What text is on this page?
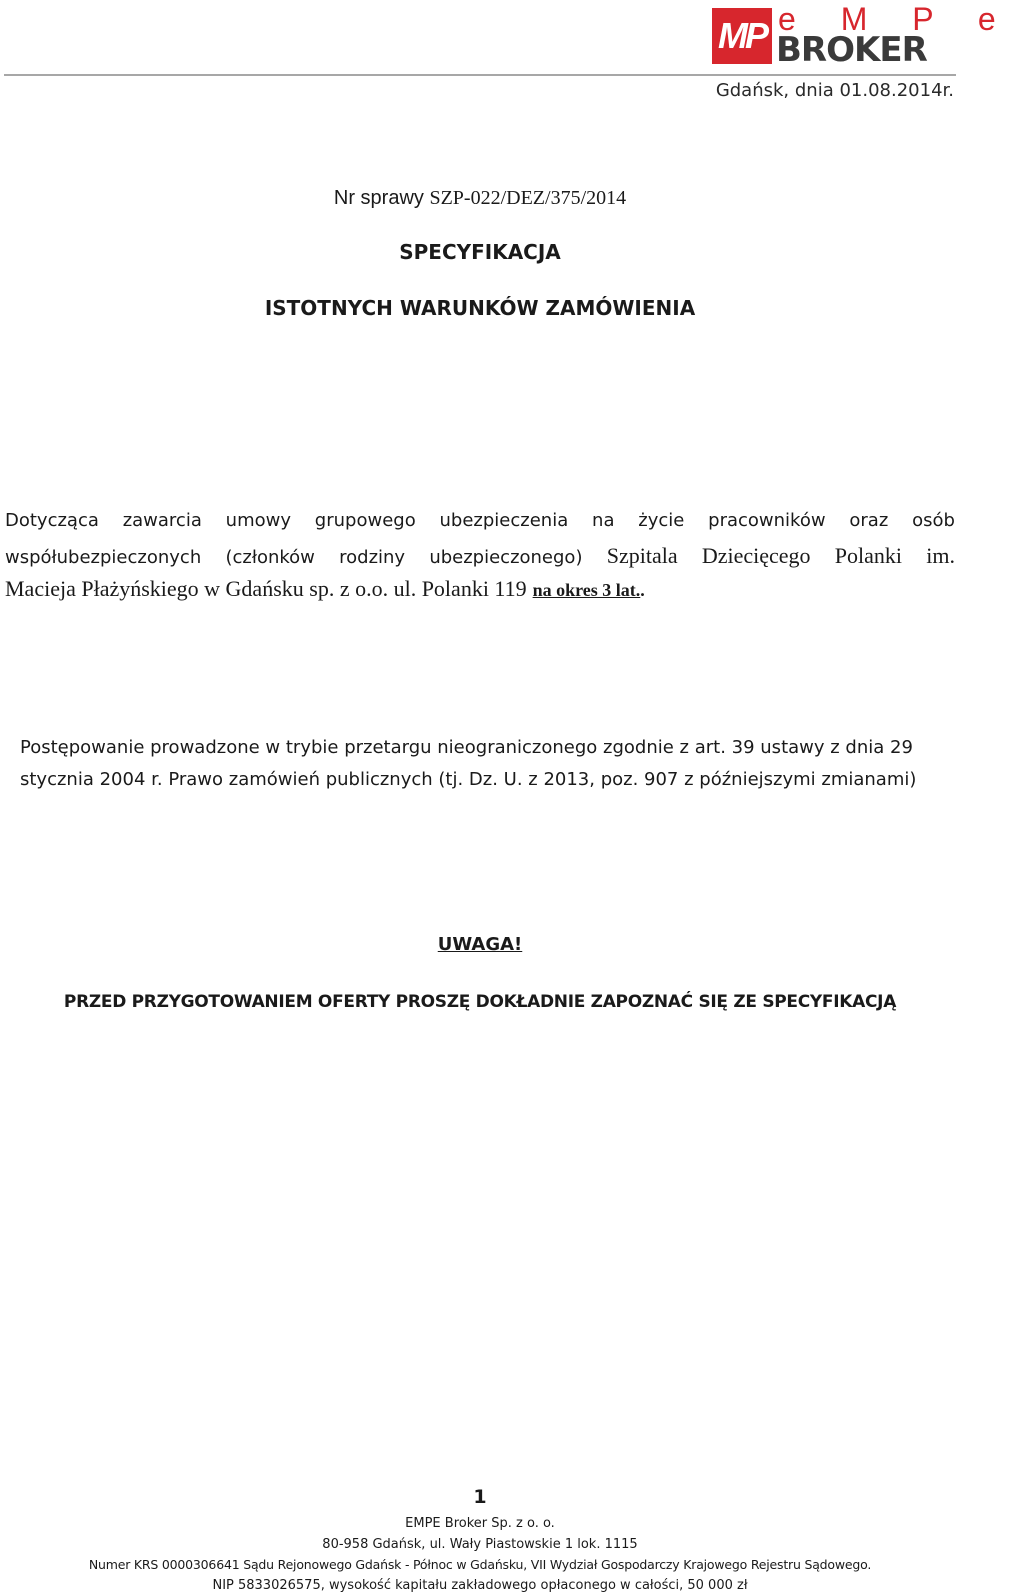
MP e M P e
BROKER
Gdańsk, dnia 01.08.2014r.
Nr sprawy SZP-022/DEZ/375/2014
SPECYFIKACJA
ISTOTNYCH WARUNKÓW ZAMÓWIENIA
Dotycząca zawarcia umowy grupowego ubezpieczenia na życie pracowników oraz osób
współubezpieczonych (członków rodziny ubezpieczonego) Szpitala Dziecięcego Polanki im.
Macieja Płażyńskiego w Gdańsku sp. z o.o. ul. Polanki 119 na okres 3 lat. .
Postępowanie prowadzone w trybie przetargu nieograniczonego zgodnie z art. 39 ustawy z dnia 29
stycznia 2004 r. Prawo zamówień publicznych (tj. Dz. U. z 2013, poz. 907 z późniejszymi zmianami)
UWAGA!
PRZED PRZYGOTOWANIEM OFERTY PROSZĘ DOKŁADNIE ZAPOZNAĆ SIĘ ZE SPECYFIKACJĄ
1
EMPE Broker Sp. z o. o.
80-958 Gdańsk, ul. Wały Piastowskie 1 lok. 1115
Numer KRS 0000306641 Sądu Rejonowego Gdańsk - Północ w Gdańsku, VII Wydział Gospodarczy Krajowego Rejestru Sądowego.
NIP 5833026575, wysokość kapitału zakładowego opłaconego w całości, 50 000 zł
